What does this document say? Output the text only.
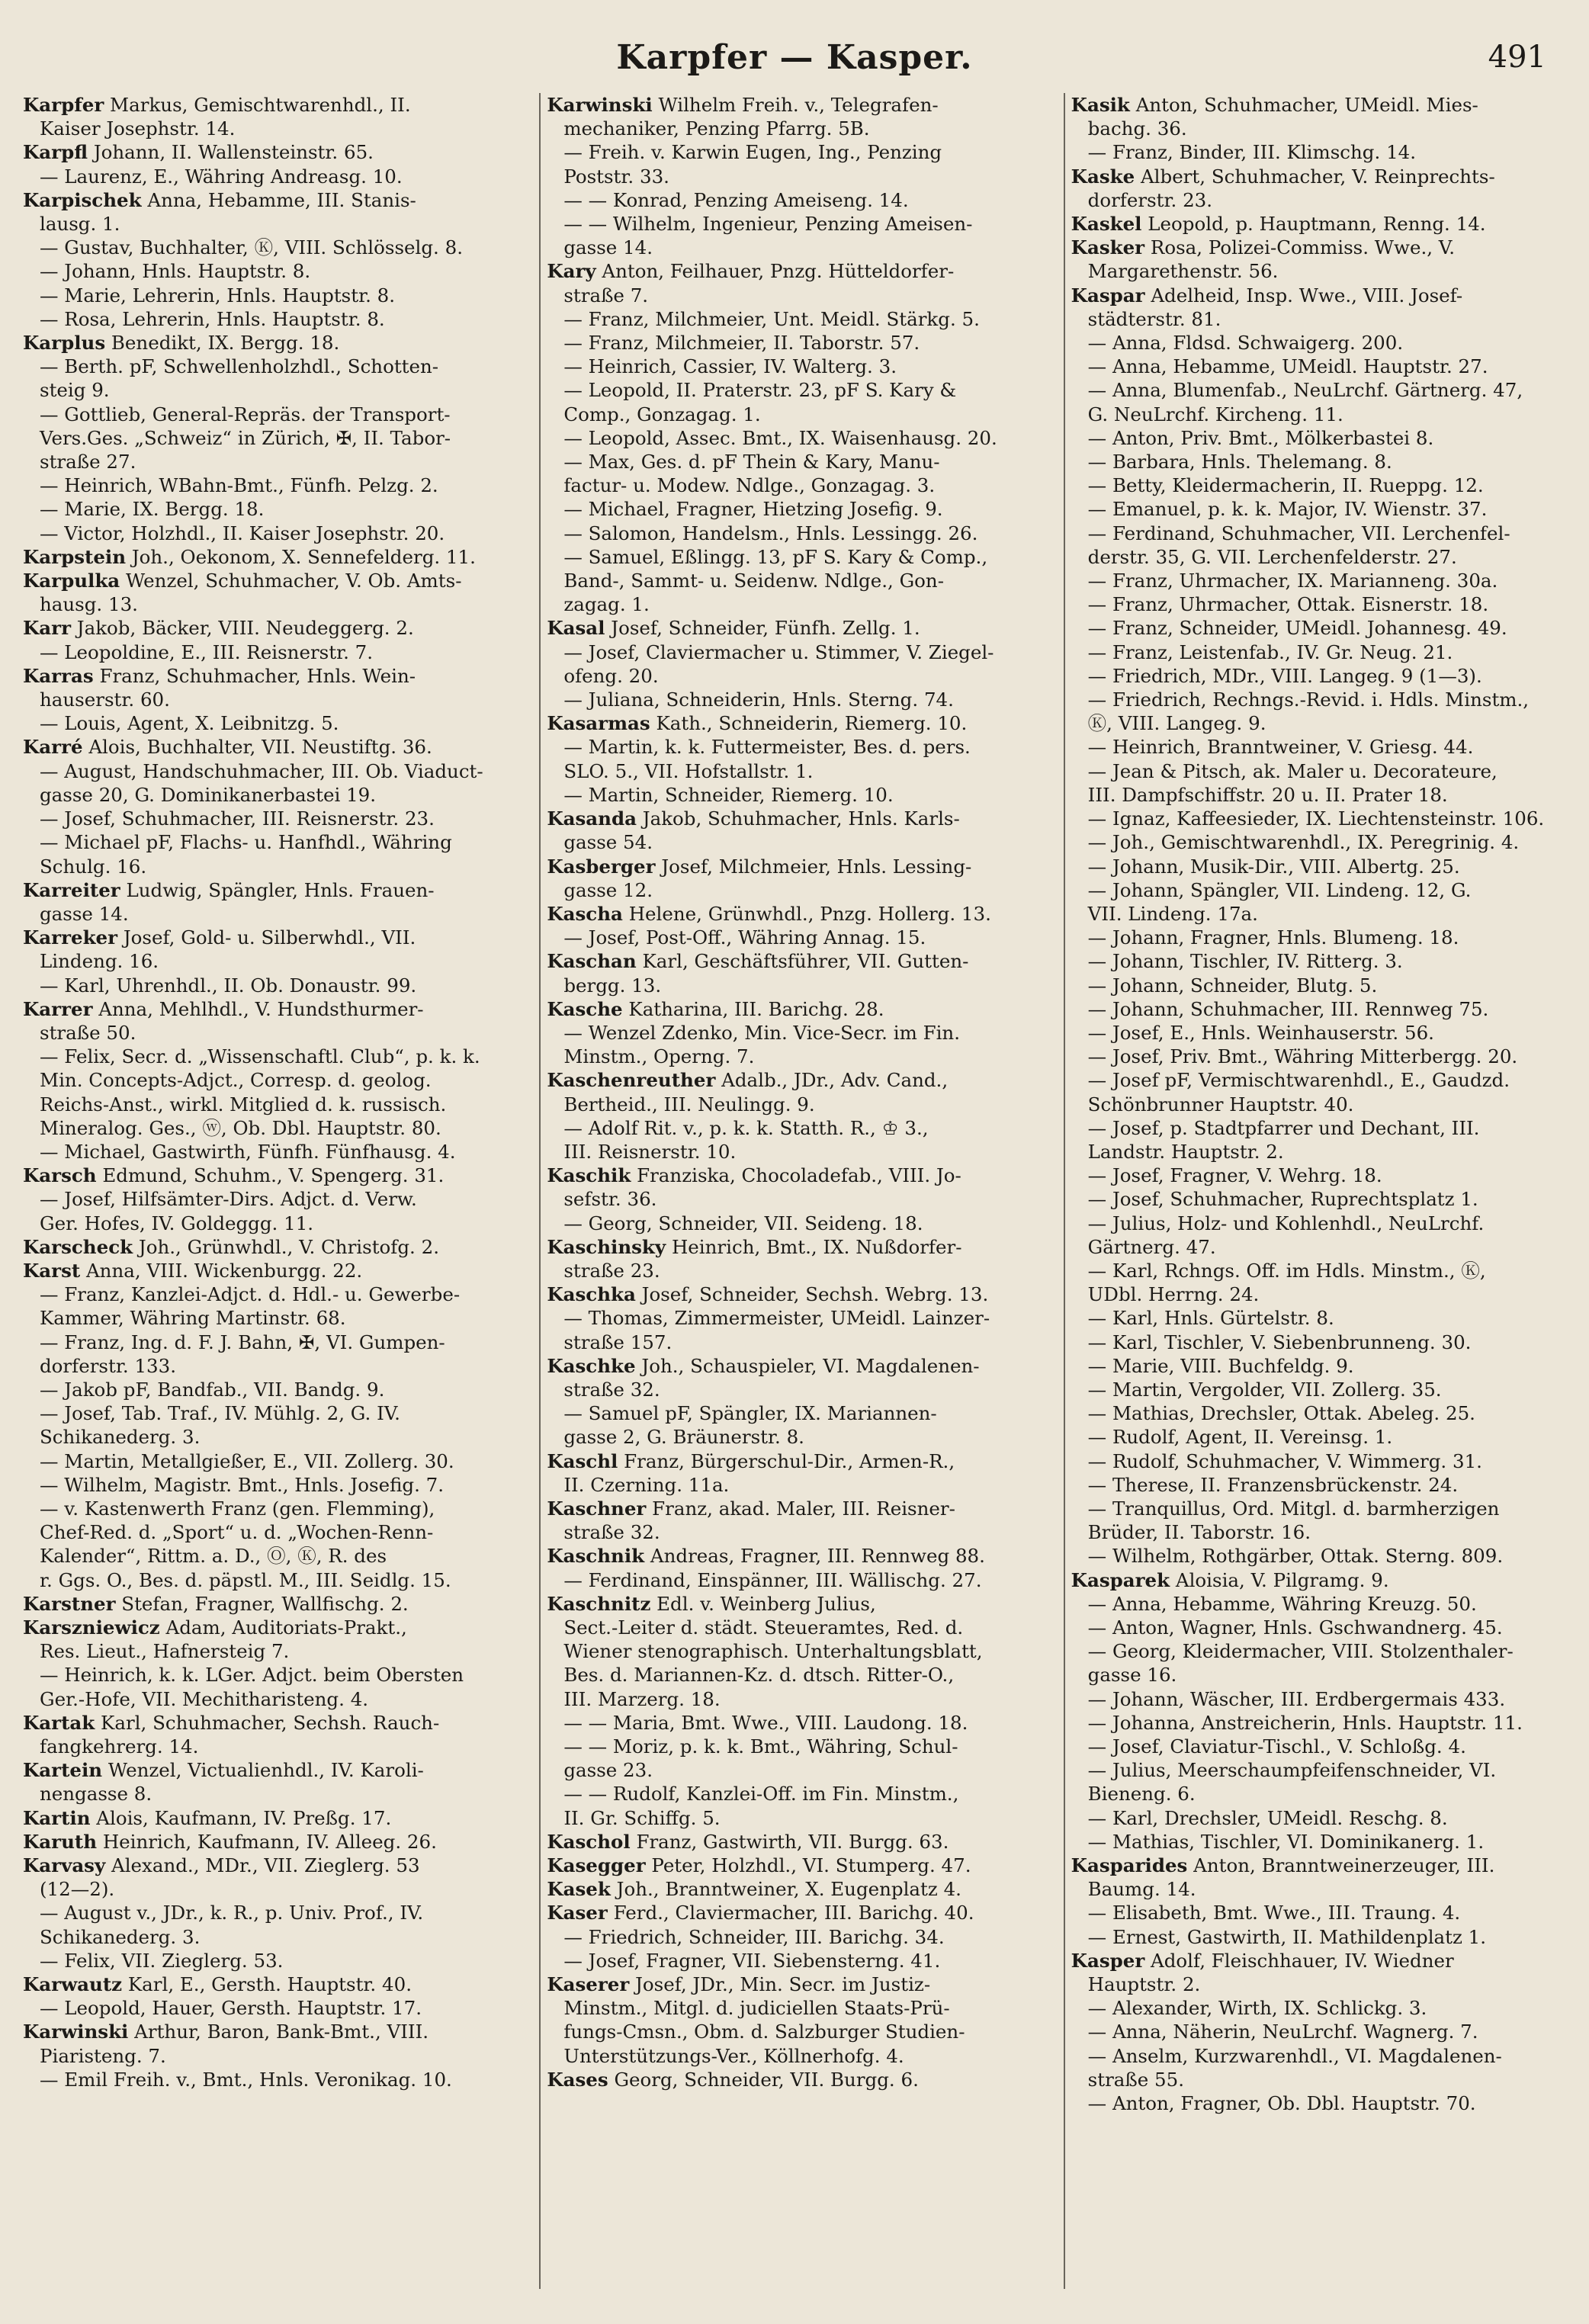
Karpfer — Kasper.	491
Karpfer Markus, Gemischtwarenhdl., II.
Kaiser Josephstr. 14.
Karpfl Johann, II. Wallensteinstr. 65.
— Laurenz, E., Währing Andreasg. 10.
Karpischek Anna, Hebamme, III. Stanis-
lausg. 1.
— Gustav, Buchhalter, Ⓚ, VIII. Schlösselg. 8.
— Johann, Hnls. Hauptstr. 8.
— Marie, Lehrerin, Hnls. Hauptstr. 8.
— Rosa, Lehrerin, Hnls. Hauptstr. 8.
Karplus Benedikt, IX. Bergg. 18.
— Berth. pF, Schwellenholzhdl., Schotten-
steig 9.
— Gottlieb, General-Repräs. der Transport-
Vers.Ges. „Schweiz“ in Zürich, ✠, II. Tabor-
straße 27.
— Heinrich, WBahn-Bmt., Fünfh. Pelzg. 2.
— Marie, IX. Bergg. 18.
— Victor, Holzhdl., II. Kaiser Josephstr. 20.
Karpstein Joh., Oekonom, X. Sennefelderg. 11.
Karpulka Wenzel, Schuhmacher, V. Ob. Amts-
hausg. 13.
Karr Jakob, Bäcker, VIII. Neudeggerg. 2.
— Leopoldine, E., III. Reisnerstr. 7.
Karras Franz, Schuhmacher, Hnls. Wein-
hauserstr. 60.
— Louis, Agent, X. Leibnitzg. 5.
Karré Alois, Buchhalter, VII. Neustiftg. 36.
— August, Handschuhmacher, III. Ob. Viaduct-
gasse 20, G. Dominikanerbastei 19.
— Josef, Schuhmacher, III. Reisnerstr. 23.
— Michael pF, Flachs- u. Hanfhdl., Währing
Schulg. 16.
Karreiter Ludwig, Spängler, Hnls. Frauen-
gasse 14.
Karreker Josef, Gold- u. Silberwhdl., VII.
Lindeng. 16.
— Karl, Uhrenhdl., II. Ob. Donaustr. 99.
Karrer Anna, Mehlhdl., V. Hundsthurmer-
straße 50.
— Felix, Secr. d. „Wissenschaftl. Club“, p. k. k.
Min. Concepts-Adjct., Corresp. d. geolog.
Reichs-Anst., wirkl. Mitglied d. k. russisch.
Mineralog. Ges., ⓦ, Ob. Dbl. Hauptstr. 80.
— Michael, Gastwirth, Fünfh. Fünfhausg. 4.
Karsch Edmund, Schuhm., V. Spengerg. 31.
— Josef, Hilfsämter-Dirs. Adjct. d. Verw.
Ger. Hofes, IV. Goldeggg. 11.
Karscheck Joh., Grünwhdl., V. Christofg. 2.
Karst Anna, VIII. Wickenburgg. 22.
— Franz, Kanzlei-Adjct. d. Hdl.- u. Gewerbe-
Kammer, Währing Martinstr. 68.
— Franz, Ing. d. F. J. Bahn, ✠, VI. Gumpen-
dorferstr. 133.
— Jakob pF, Bandfab., VII. Bandg. 9.
— Josef, Tab. Traf., IV. Mühlg. 2, G. IV.
Schikanederg. 3.
— Martin, Metallgießer, E., VII. Zollerg. 30.
— Wilhelm, Magistr. Bmt., Hnls. Josefig. 7.
— v. Kastenwerth Franz (gen. Flemming),
Chef-Red. d. „Sport“ u. d. „Wochen-Renn-
Kalender“, Rittm. a. D., Ⓞ, Ⓚ, R. des
r. Ggs. O., Bes. d. päpstl. M., III. Seidlg. 15.
Karstner Stefan, Fragner, Wallfischg. 2.
Karszniewicz Adam, Auditoriats-Prakt.,
Res. Lieut., Hafnersteig 7.
— Heinrich, k. k. LGer. Adjct. beim Obersten
Ger.-Hofe, VII. Mechitharisteng. 4.
Kartak Karl, Schuhmacher, Sechsh. Rauch-
fangkehrerg. 14.
Kartein Wenzel, Victualienhdl., IV. Karoli-
nengasse 8.
Kartin Alois, Kaufmann, IV. Preßg. 17.
Karuth Heinrich, Kaufmann, IV. Alleeg. 26.
Karvasy Alexand., MDr., VII. Zieglerg. 53
(12—2).
— August v., JDr., k. R., p. Univ. Prof., IV.
Schikanederg. 3.
— Felix, VII. Zieglerg. 53.
Karwautz Karl, E., Gersth. Hauptstr. 40.
— Leopold, Hauer, Gersth. Hauptstr. 17.
Karwinski Arthur, Baron, Bank-Bmt., VIII.
Piaristeng. 7.
— Emil Freih. v., Bmt., Hnls. Veronikag. 10.
Karwinski Wilhelm Freih. v., Telegrafen-
mechaniker, Penzing Pfarrg. 5B.
— Freih. v. Karwin Eugen, Ing., Penzing
Poststr. 33.
— — Konrad, Penzing Ameiseng. 14.
— — Wilhelm, Ingenieur, Penzing Ameisen-
gasse 14.
Kary Anton, Feilhauer, Pnzg. Hütteldorfer-
straße 7.
— Franz, Milchmeier, Unt. Meidl. Stärkg. 5.
— Franz, Milchmeier, II. Taborstr. 57.
— Heinrich, Cassier, IV. Walterg. 3.
— Leopold, II. Praterstr. 23, pF S. Kary &
Comp., Gonzagag. 1.
— Leopold, Assec. Bmt., IX. Waisenhausg. 20.
— Max, Ges. d. pF Thein & Kary, Manu-
factur- u. Modew. Ndlge., Gonzagag. 3.
— Michael, Fragner, Hietzing Josefig. 9.
— Salomon, Handelsm., Hnls. Lessingg. 26.
— Samuel, Eßlingg. 13, pF S. Kary & Comp.,
Band-, Sammt- u. Seidenw. Ndlge., Gon-
zagag. 1.
Kasal Josef, Schneider, Fünfh. Zellg. 1.
— Josef, Claviermacher u. Stimmer, V. Ziegel-
ofeng. 20.
— Juliana, Schneiderin, Hnls. Sterng. 74.
Kasarmas Kath., Schneiderin, Riemerg. 10.
— Martin, k. k. Futtermeister, Bes. d. pers.
SLO. 5., VII. Hofstallstr. 1.
— Martin, Schneider, Riemerg. 10.
Kasanda Jakob, Schuhmacher, Hnls. Karls-
gasse 54.
Kasberger Josef, Milchmeier, Hnls. Lessing-
gasse 12.
Kascha Helene, Grünwhdl., Pnzg. Hollerg. 13.
— Josef, Post-Off., Währing Annag. 15.
Kaschan Karl, Geschäftsführer, VII. Gutten-
bergg. 13.
Kasche Katharina, III. Barichg. 28.
— Wenzel Zdenko, Min. Vice-Secr. im Fin.
Minstm., Operng. 7.
Kaschenreuther Adalb., JDr., Adv. Cand.,
Bertheid., III. Neulingg. 9.
— Adolf Rit. v., p. k. k. Statth. R., ♔ 3.,
III. Reisnerstr. 10.
Kaschik Franziska, Chocoladefab., VIII. Jo-
sefstr. 36.
— Georg, Schneider, VII. Seideng. 18.
Kaschinsky Heinrich, Bmt., IX. Nußdorfer-
straße 23.
Kaschka Josef, Schneider, Sechsh. Webrg. 13.
— Thomas, Zimmermeister, UMeidl. Lainzer-
straße 157.
Kaschke Joh., Schauspieler, VI. Magdalenen-
straße 32.
— Samuel pF, Spängler, IX. Mariannen-
gasse 2, G. Bräunerstr. 8.
Kaschl Franz, Bürgerschul-Dir., Armen-R.,
II. Czerning. 11a.
Kaschner Franz, akad. Maler, III. Reisner-
straße 32.
Kaschnik Andreas, Fragner, III. Rennweg 88.
— Ferdinand, Einspänner, III. Wällischg. 27.
Kaschnitz Edl. v. Weinberg Julius,
Sect.-Leiter d. städt. Steueramtes, Red. d.
Wiener stenographisch. Unterhaltungsblatt,
Bes. d. Mariannen-Kz. d. dtsch. Ritter-O.,
III. Marzerg. 18.
— — Maria, Bmt. Wwe., VIII. Laudong. 18.
— — Moriz, p. k. k. Bmt., Währing, Schul-
gasse 23.
— — Rudolf, Kanzlei-Off. im Fin. Minstm.,
II. Gr. Schiffg. 5.
Kaschol Franz, Gastwirth, VII. Burgg. 63.
Kasegger Peter, Holzhdl., VI. Stumperg. 47.
Kasek Joh., Branntweiner, X. Eugenplatz 4.
Kaser Ferd., Claviermacher, III. Barichg. 40.
— Friedrich, Schneider, III. Barichg. 34.
— Josef, Fragner, VII. Siebensterng. 41.
Kaserer Josef, JDr., Min. Secr. im Justiz-
Minstm., Mitgl. d. judiciellen Staats-Prü-
fungs-Cmsn., Obm. d. Salzburger Studien-
Unterstützungs-Ver., Köllnerhofg. 4.
Kases Georg, Schneider, VII. Burgg. 6.
Kasik Anton, Schuhmacher, UMeidl. Mies-
bachg. 36.
— Franz, Binder, III. Klimschg. 14.
Kaske Albert, Schuhmacher, V. Reinprechts-
dorferstr. 23.
Kaskel Leopold, p. Hauptmann, Renng. 14.
Kasker Rosa, Polizei-Commiss. Wwe., V.
Margarethenstr. 56.
Kaspar Adelheid, Insp. Wwe., VIII. Josef-
städterstr. 81.
— Anna, Fldsd. Schwaigerg. 200.
— Anna, Hebamme, UMeidl. Hauptstr. 27.
— Anna, Blumenfab., NeuLrchf. Gärtnerg. 47,
G. NeuLrchf. Kircheng. 11.
— Anton, Priv. Bmt., Mölkerbastei 8.
— Barbara, Hnls. Thelemang. 8.
— Betty, Kleidermacherin, II. Rueppg. 12.
— Emanuel, p. k. k. Major, IV. Wienstr. 37.
— Ferdinand, Schuhmacher, VII. Lerchenfel-
derstr. 35, G. VII. Lerchenfelderstr. 27.
— Franz, Uhrmacher, IX. Marianneng. 30a.
— Franz, Uhrmacher, Ottak. Eisnerstr. 18.
— Franz, Schneider, UMeidl. Johannesg. 49.
— Franz, Leistenfab., IV. Gr. Neug. 21.
— Friedrich, MDr., VIII. Langeg. 9 (1—3).
— Friedrich, Rechngs.-Revid. i. Hdls. Minstm.,
Ⓚ, VIII. Langeg. 9.
— Heinrich, Branntweiner, V. Griesg. 44.
— Jean & Pitsch, ak. Maler u. Decorateure,
III. Dampfschiffstr. 20 u. II. Prater 18.
— Ignaz, Kaffeesieder, IX. Liechtensteinstr. 106.
— Joh., Gemischtwarenhdl., IX. Peregrinig. 4.
— Johann, Musik-Dir., VIII. Albertg. 25.
— Johann, Spängler, VII. Lindeng. 12, G.
VII. Lindeng. 17a.
— Johann, Fragner, Hnls. Blumeng. 18.
— Johann, Tischler, IV. Ritterg. 3.
— Johann, Schneider, Blutg. 5.
— Johann, Schuhmacher, III. Rennweg 75.
— Josef, E., Hnls. Weinhauserstr. 56.
— Josef, Priv. Bmt., Währing Mitterbergg. 20.
— Josef pF, Vermischtwarenhdl., E., Gaudzd.
Schönbrunner Hauptstr. 40.
— Josef, p. Stadtpfarrer und Dechant, III.
Landstr. Hauptstr. 2.
— Josef, Fragner, V. Wehrg. 18.
— Josef, Schuhmacher, Ruprechtsplatz 1.
— Julius, Holz- und Kohlenhdl., NeuLrchf.
Gärtnerg. 47.
— Karl, Rchngs. Off. im Hdls. Minstm., Ⓚ,
UDbl. Herrng. 24.
— Karl, Hnls. Gürtelstr. 8.
— Karl, Tischler, V. Siebenbrunneng. 30.
— Marie, VIII. Buchfeldg. 9.
— Martin, Vergolder, VII. Zollerg. 35.
— Mathias, Drechsler, Ottak. Abeleg. 25.
— Rudolf, Agent, II. Vereinsg. 1.
— Rudolf, Schuhmacher, V. Wimmerg. 31.
— Therese, II. Franzensbrückenstr. 24.
— Tranquillus, Ord. Mitgl. d. barmherzigen
Brüder, II. Taborstr. 16.
— Wilhelm, Rothgärber, Ottak. Sterng. 809.
Kasparek Aloisia, V. Pilgramg. 9.
— Anna, Hebamme, Währing Kreuzg. 50.
— Anton, Wagner, Hnls. Gschwandnerg. 45.
— Georg, Kleidermacher, VIII. Stolzenthaler-
gasse 16.
— Johann, Wäscher, III. Erdbergermais 433.
— Johanna, Anstreicherin, Hnls. Hauptstr. 11.
— Josef, Claviatur-Tischl., V. Schloßg. 4.
— Julius, Meerschaumpfeifenschneider, VI.
Bieneng. 6.
— Karl, Drechsler, UMeidl. Reschg. 8.
— Mathias, Tischler, VI. Dominikanerg. 1.
Kasparides Anton, Branntweinerzeuger, III.
Baumg. 14.
— Elisabeth, Bmt. Wwe., III. Traung. 4.
— Ernest, Gastwirth, II. Mathildenplatz 1.
Kasper Adolf, Fleischhauer, IV. Wiedner
Hauptstr. 2.
— Alexander, Wirth, IX. Schlickg. 3.
— Anna, Näherin, NeuLrchf. Wagnerg. 7.
— Anselm, Kurzwarenhdl., VI. Magdalenen-
straße 55.
— Anton, Fragner, Ob. Dbl. Hauptstr. 70.
